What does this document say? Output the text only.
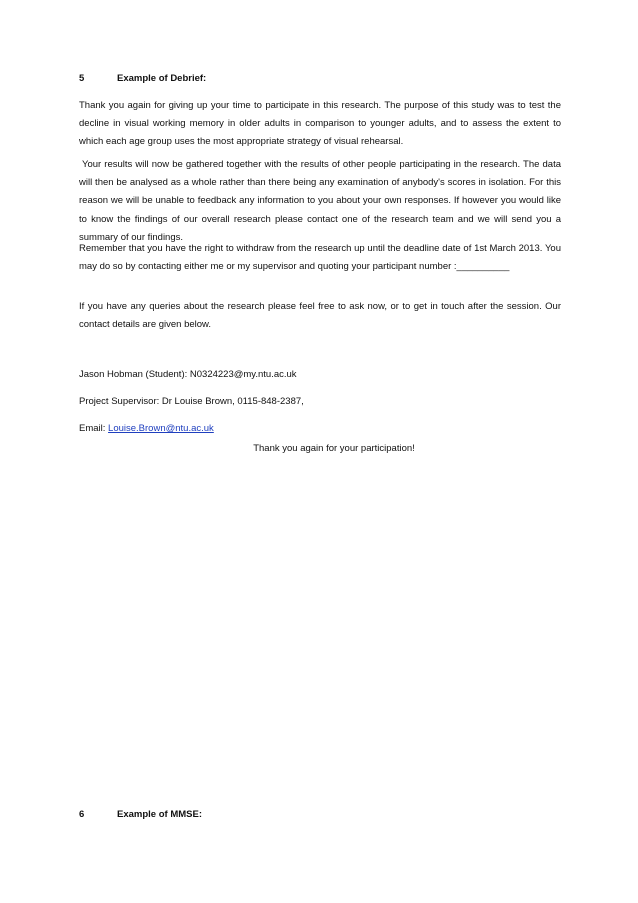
5	Example of Debrief:

Thank you again for giving up your time to participate in this research. The purpose of this study was to test the decline in visual working memory in older adults in comparison to younger adults, and to assess the extent to which each age group uses the most appropriate strategy of visual rehearsal.

Your results will now be gathered together with the results of other people participating in the research. The data will then be analysed as a whole rather than there being any examination of anybody's scores in isolation. For this reason we will be unable to feedback any information to you about your own responses. If however you would like to know the findings of our overall research please contact one of the research team and we will send you a summary of our findings.

Remember that you have the right to withdraw from the research up until the deadline date of 1st March 2013. You may do so by contacting either me or my supervisor and quoting your participant number :__________

If you have any queries about the research please feel free to ask now, or to get in touch after the session. Our contact details are given below.

Jason Hobman (Student): N0324223@my.ntu.ac.uk
Project Supervisor: Dr Louise Brown, 0115-848-2387,
Email: Louise.Brown@ntu.ac.uk
Thank you again for your participation!
6	Example of MMSE:
